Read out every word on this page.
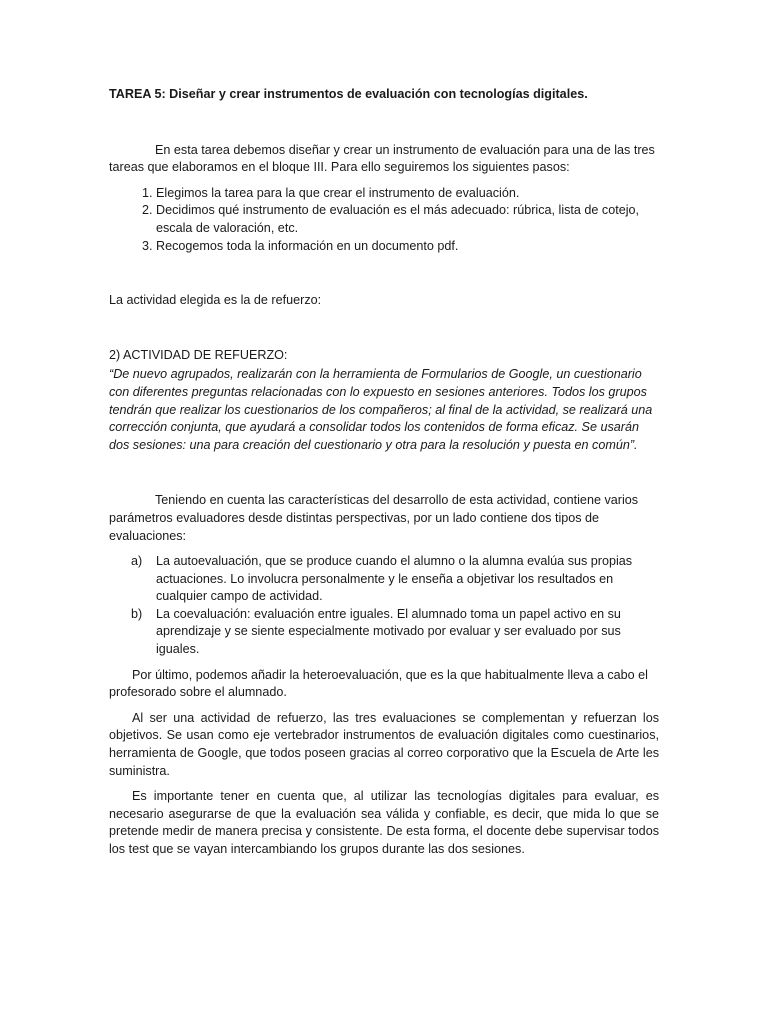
TAREA 5: Diseñar y crear instrumentos de evaluación con tecnologías digitales.

En esta tarea debemos diseñar y crear un instrumento de evaluación para una de las tres tareas que elaboramos en el bloque III. Para ello seguiremos los siguientes pasos:

1. Elegimos la tarea para la que crear el instrumento de evaluación.
2. Decidimos qué instrumento de evaluación es el más adecuado: rúbrica, lista de cotejo, escala de valoración, etc.
3. Recogemos toda la información en un documento pdf.

La actividad elegida es la de refuerzo:

2) ACTIVIDAD DE REFUERZO:

“De nuevo agrupados, realizarán con la herramienta de Formularios de Google, un cuestionario con diferentes preguntas relacionadas con lo expuesto en sesiones anteriores. Todos los grupos tendrán que realizar los cuestionarios de los compañeros; al final de la actividad, se realizará una corrección conjunta, que ayudará a consolidar todos los contenidos de forma eficaz. Se usarán dos sesiones: una para creación del cuestionario y otra para la resolución y puesta en común”.

Teniendo en cuenta las características del desarrollo de esta actividad, contiene varios parámetros evaluadores desde distintas perspectivas, por un lado contiene dos tipos de evaluaciones:

a) La autoevaluación, que se produce cuando el alumno o la alumna evalúa sus propias actuaciones. Lo involucra personalmente y le enseña a objetivar los resultados en cualquier campo de actividad.
b) La coevaluación: evaluación entre iguales. El alumnado toma un papel activo en su aprendizaje y se siente especialmente motivado por evaluar y ser evaluado por sus iguales.

Por último, podemos añadir la heteroevaluación, que es la que habitualmente lleva a cabo el profesorado sobre el alumnado.

Al ser una actividad de refuerzo, las tres evaluaciones se complementan y refuerzan los objetivos. Se usan como eje vertebrador instrumentos de evaluación digitales como cuestinarios, herramienta de Google, que todos poseen gracias al correo corporativo que la Escuela de Arte les suministra.

Es importante tener en cuenta que, al utilizar las tecnologías digitales para evaluar, es necesario asegurarse de que la evaluación sea válida y confiable, es decir, que mida lo que se pretende medir de manera precisa y consistente. De esta forma, el docente debe supervisar todos los test que se vayan intercambiando los grupos durante las dos sesiones.
